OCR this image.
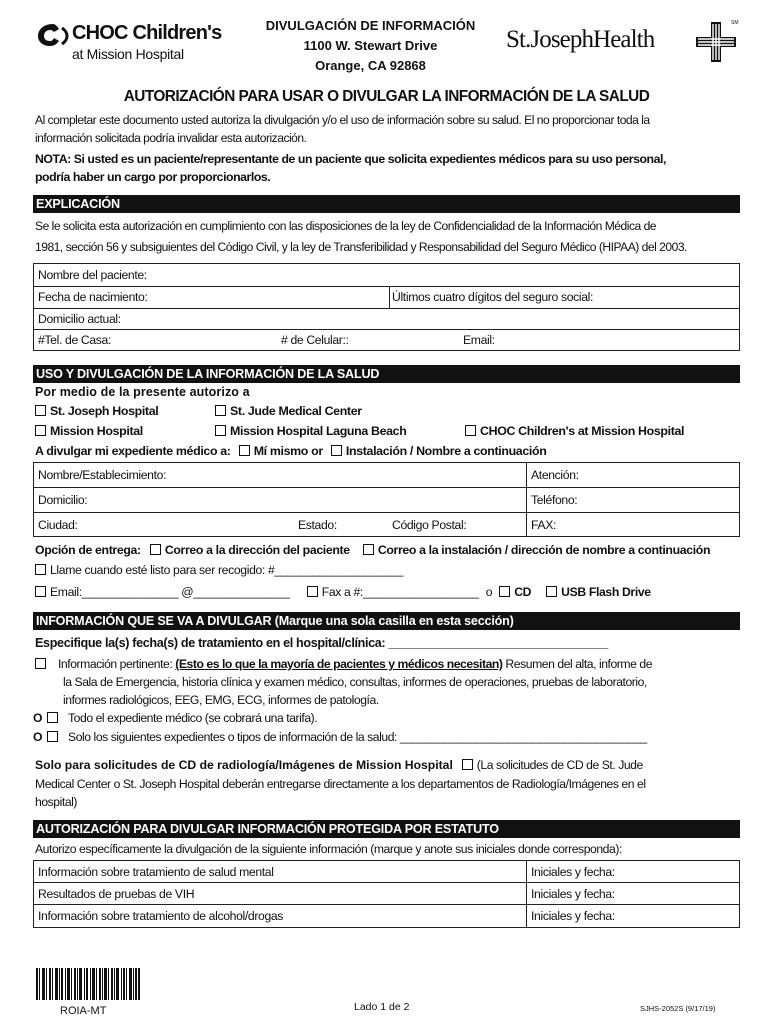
CHOC Children's
at Mission Hospital
DIVULGACIÓN DE INFORMACIÓN
1100 W. Stewart Drive
Orange, CA 92868
St.JosephHealth
SM
AUTORIZACIÓN PARA USAR O DIVULGAR LA INFORMACIÓN DE LA SALUD
Al completar este documento usted autoriza la divulgación y/o el uso de información sobre su salud. El no proporcionar toda la
información solicitada podría invalidar esta autorización.
NOTA: Si usted es un paciente/representante de un paciente que solicita expedientes médicos para su uso personal,
podría haber un cargo por proporcionarlos.
EXPLICACIÓN
Se le solicita esta autorización en cumplimiento con las disposiciones de la ley de Confidencialidad de la Información Médica de
1981, sección 56 y subsiguientes del Código Civil, y la ley de Transferibilidad y Responsabilidad del Seguro Médico (HIPAA) del 2003.
Nombre del paciente:
Fecha de nacimiento:	Últimos cuatro dígitos del seguro social:
Domicilio actual:
#Tel. de Casa:	# de Celular::	Email:
USO Y DIVULGACIÓN DE LA INFORMACIÓN DE LA SALUD
Por medio de la presente autorizo a
St. Joseph Hospital	St. Jude Medical Center
Mission Hospital	Mission Hospital Laguna Beach	CHOC Children's at Mission Hospital
A divulgar mi expediente médico a: Mí mismo or Instalación / Nombre a continuación
Nombre/Establecimiento:	Atención:
Domicilio:	Teléfono:
Ciudad:	Estado:	Código Postal:	FAX:
Opción de entrega: Correo a la dirección del paciente Correo a la instalación / dirección de nombre a continuación
Llame cuando esté listo para ser recogido: #____________________
Email:_______________ @_______________	Fax a #:__________________ o CD USB Flash Drive
INFORMACIÓN QUE SE VA A DIVULGAR (Marque una sola casilla en esta sección)
Especifique la(s) fecha(s) de tratamiento en el hospital/clínica: _________________________________
Información pertinente: (Esto es lo que la mayoría de pacientes y médicos necesitan) Resumen del alta, informe de
la Sala de Emergencia, historia clínica y examen médico, consultas, informes de operaciones, pruebas de laboratorio,
informes radiológicos, EEG, EMG, ECG, informes de patología.
O Todo el expediente médico (se cobrará una tarifa).
O Solo los siguientes expedientes o tipos de información de la salud: _______________________________________
Solo para solicitudes de CD de radiología/Imágenes de Mission Hospital (La solicitudes de CD de St. Jude
Medical Center o St. Joseph Hospital deberán entregarse directamente a los departamentos de Radiología/Imágenes en el
hospital)
AUTORIZACIÓN PARA DIVULGAR INFORMACIÓN PROTEGIDA POR ESTATUTO
Autorizo específicamente la divulgación de la siguiente información (marque y anote sus iniciales donde corresponda):
Información sobre tratamiento de salud mental	Iniciales y fecha:
Resultados de pruebas de VIH	Iniciales y fecha:
Información sobre tratamiento de alcohol/drogas	Iniciales y fecha:
ROIA-MT	Lado 1 de 2	SJHS-2052S (9/17/19)
